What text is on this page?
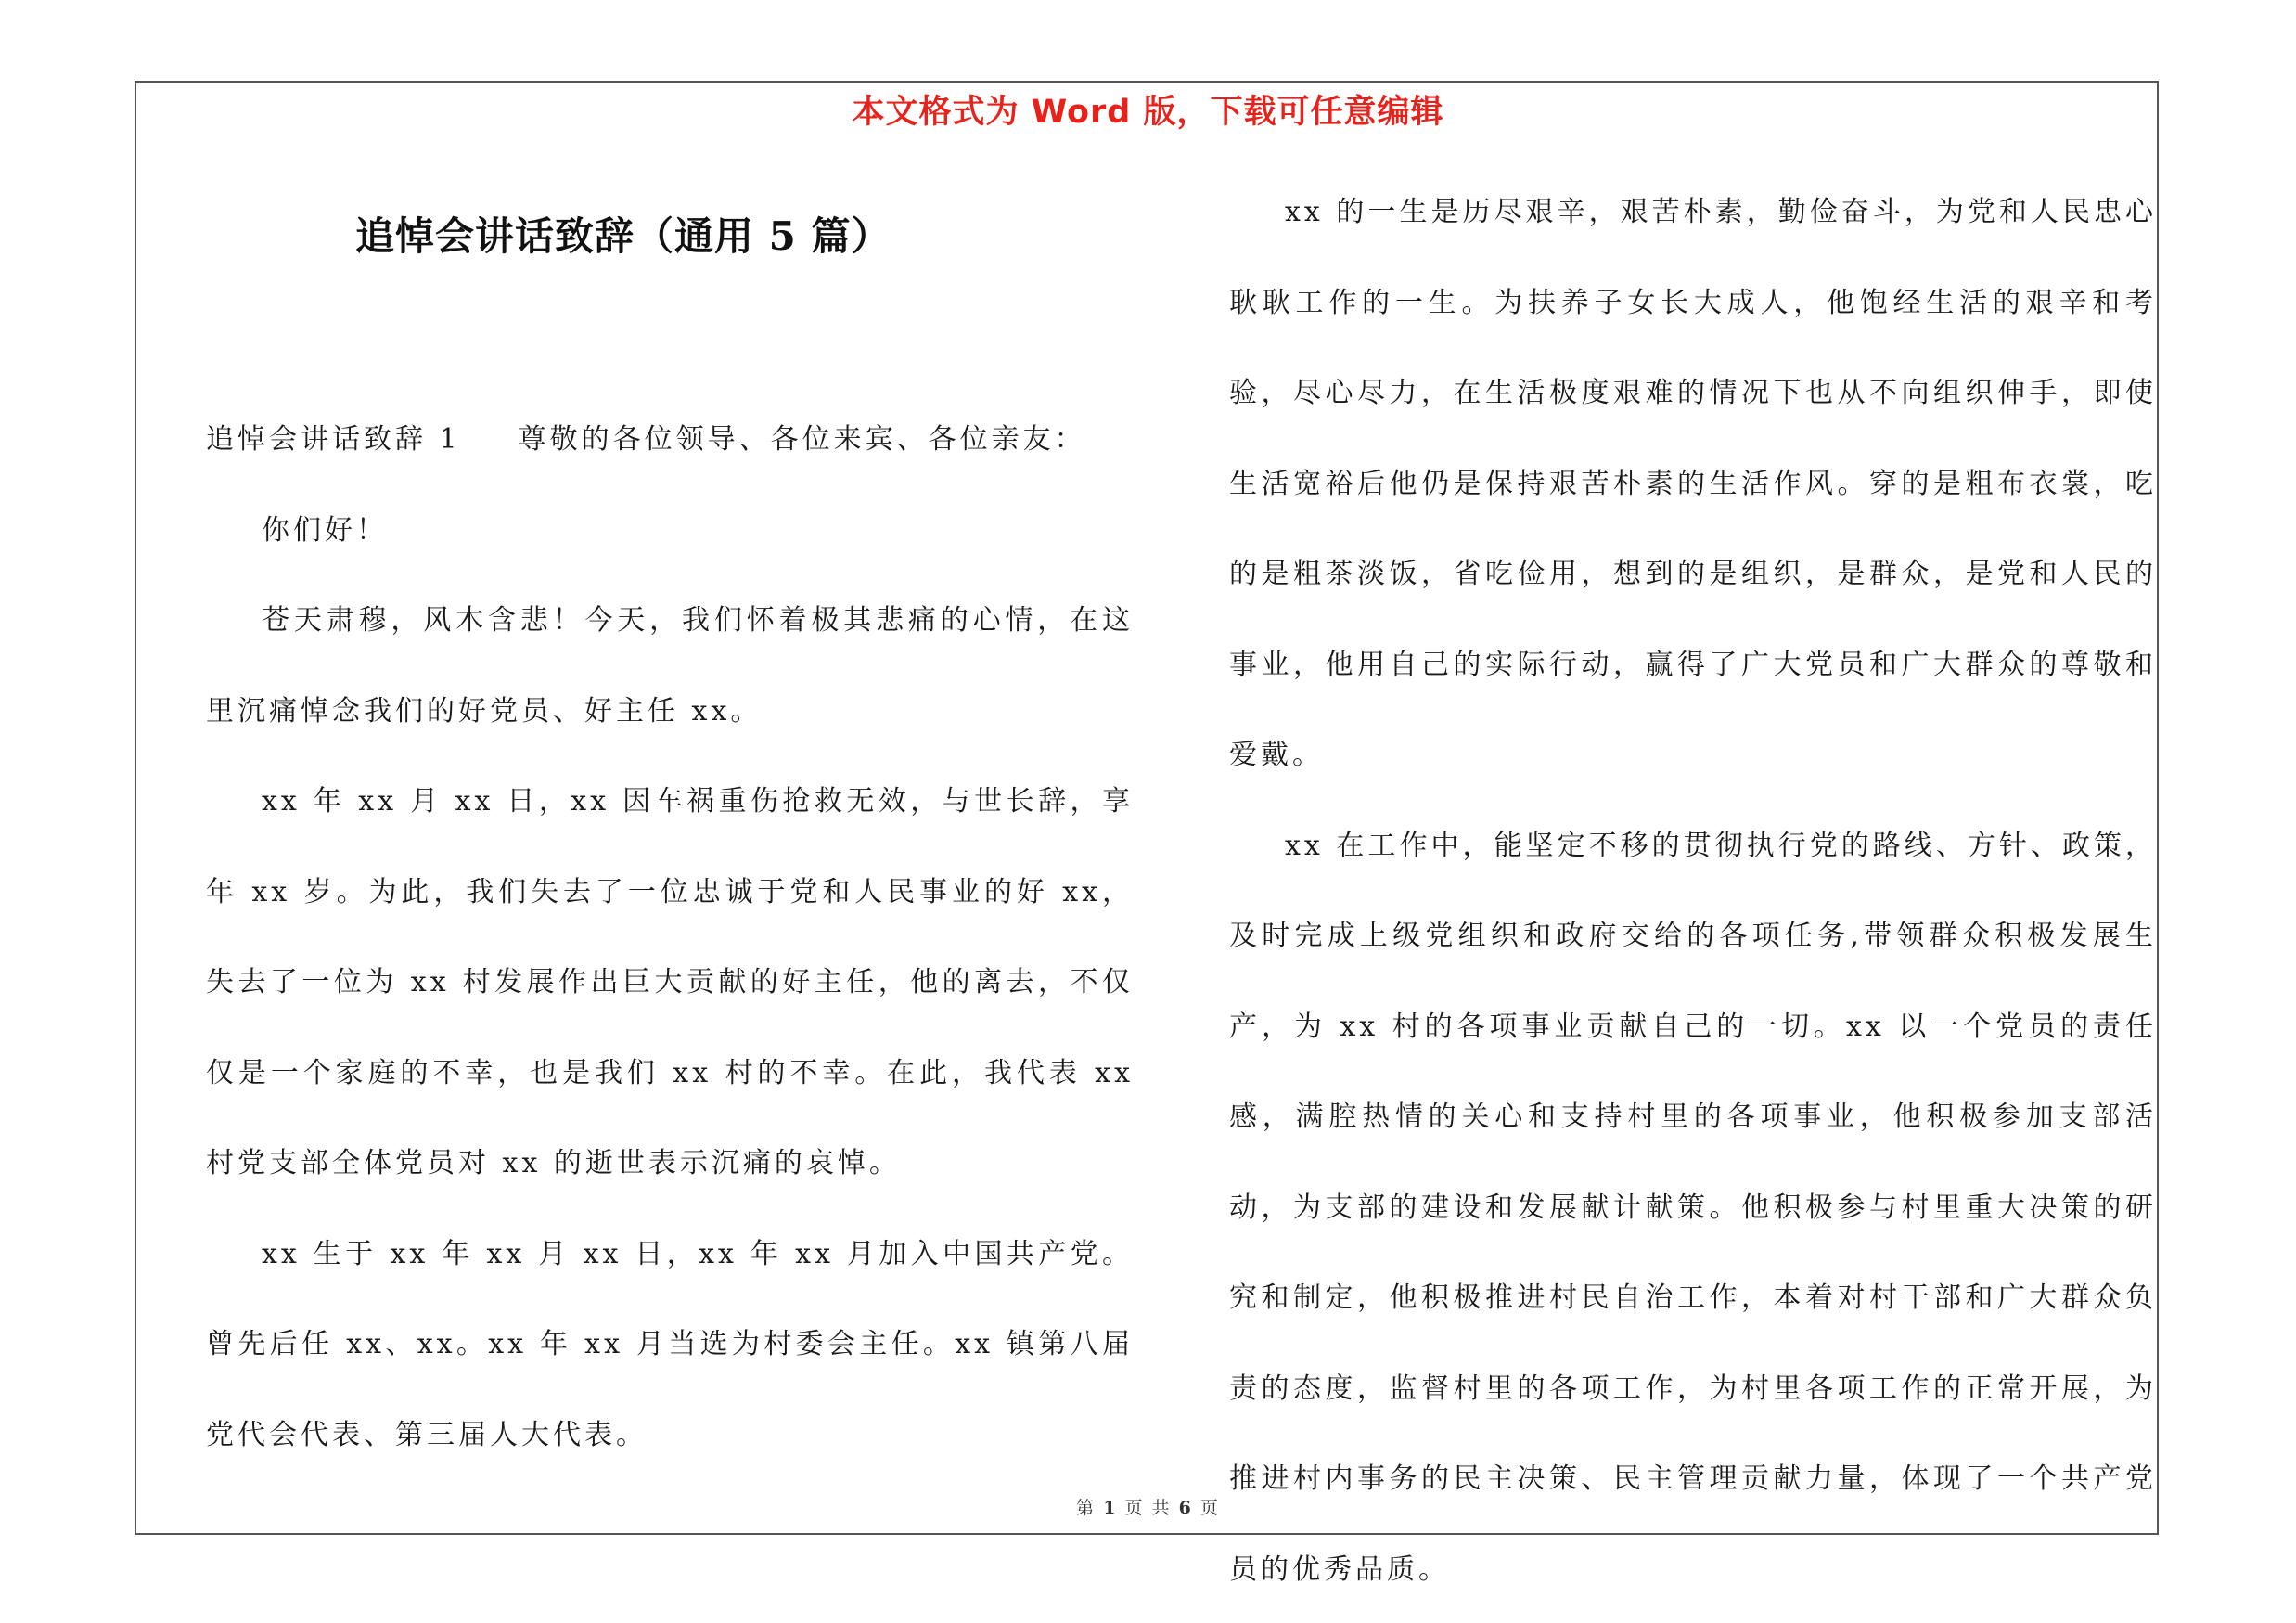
本文格式为 Word 版，下载可任意编辑
追悼会讲话致辞（通用 5 篇）

追悼会讲话致辞 1 尊敬的各位领导、各位来宾、各位亲友：

你们好！

苍天肃穆，风木含悲！今天，我们怀着极其悲痛的心情，在这里沉痛悼念我们的好党员、好主任 xx。

xx 年 xx 月 xx 日，xx 因车祸重伤抢救无效，与世长辞，享年 xx 岁。为此，我们失去了一位忠诚于党和人民事业的好 xx，失去了一位为 xx 村发展作出巨大贡献的好主任，他的离去，不仅仅是一个家庭的不幸，也是我们 xx 村的不幸。在此，我代表 xx 村党支部全体党员对 xx 的逝世表示沉痛的哀悼。

xx 生于 xx 年 xx 月 xx 日，xx 年 xx 月加入中国共产党。曾先后任 xx、xx。xx 年 xx 月当选为村委会主任。xx 镇第八届党代会代表、第三届人大代表。

xx 的一生是历尽艰辛，艰苦朴素，勤俭奋斗，为党和人民忠心耿耿工作的一生。为扶养子女长大成人，他饱经生活的艰辛和考验，尽心尽力，在生活极度艰难的情况下也从不向组织伸手，即使生活宽裕后他仍是保持艰苦朴素的生活作风。穿的是粗布衣裳，吃的是粗茶淡饭，省吃俭用，想到的是组织，是群众，是党和人民的事业，他用自己的实际行动，赢得了广大党员和广大群众的尊敬和爱戴。

xx 在工作中，能坚定不移的贯彻执行党的路线、方针、政策，及时完成上级党组织和政府交给的各项任务,带领群众积极发展生产，为 xx 村的各项事业贡献自己的一切。xx 以一个党员的责任感，满腔热情的关心和支持村里的各项事业，他积极参加支部活动，为支部的建设和发展献计献策。他积极参与村里重大决策的研究和制定，他积极推进村民自治工作，本着对村干部和广大群众负责的态度，监督村里的各项工作，为村里各项工作的正常开展，为推进村内事务的民主决策、民主管理贡献力量，体现了一个共产党员的优秀品质。

第 1 页 共 6 页
